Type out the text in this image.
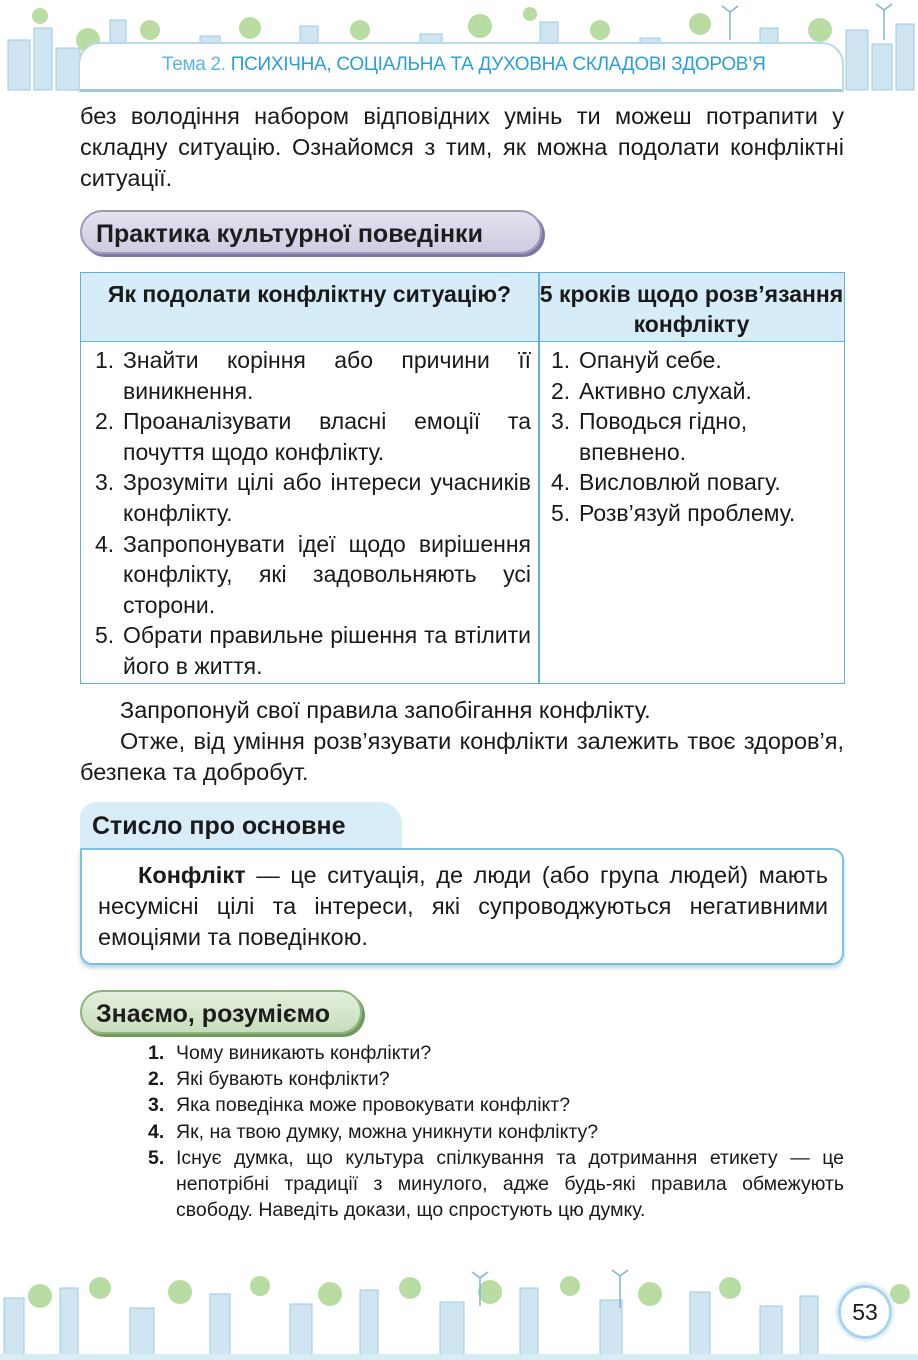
Тема 2. ПСИХІЧНА, СОЦІАЛЬНА ТА ДУХОВНА СКЛАДОВІ ЗДОРОВ’Я
без володіння набором відповідних умінь ти можеш потрапити у складну ситуацію. Ознайомся з тим, як можна подолати конфліктні ситуації.
Практика культурної поведінки
Як подолати конфліктну ситуацію?	5 кроків щодо розв’язання конфлікту
1. Знайти коріння або причини її виникнення.
2. Проаналізувати власні емоції та почуття щодо конфлікту.
3. Зрозуміти цілі або інтереси учасників конфлікту.
4. Запропонувати ідеї щодо вирішення конфлікту, які задовольняють усі сторони.
5. Обрати правильне рішення та втілити його в життя.
1. Опануй себе.
2. Активно слухай.
3. Поводься гідно, впевнено.
4. Висловлюй повагу.
5. Розв’язуй проблему.
Запропонуй свої правила запобігання конфлікту.
Отже, від уміння розв’язувати конфлікти залежить твоє здоров’я, безпека та добробут.
Стисло про основне
Конфлікт — це ситуація, де люди (або група людей) мають несумісні цілі та інтереси, які супроводжуються негативними емоціями та поведінкою.
Знаємо, розуміємо
1. Чому виникають конфлікти?
2. Які бувають конфлікти?
3. Яка поведінка може провокувати конфлікт?
4. Як, на твою думку, можна уникнути конфлікту?
5. Існує думка, що культура спілкування та дотримання етикету — це непотрібні традиції з минулого, адже будь-які правила обмежують свободу. Наведіть докази, що спростують цю думку.
53
